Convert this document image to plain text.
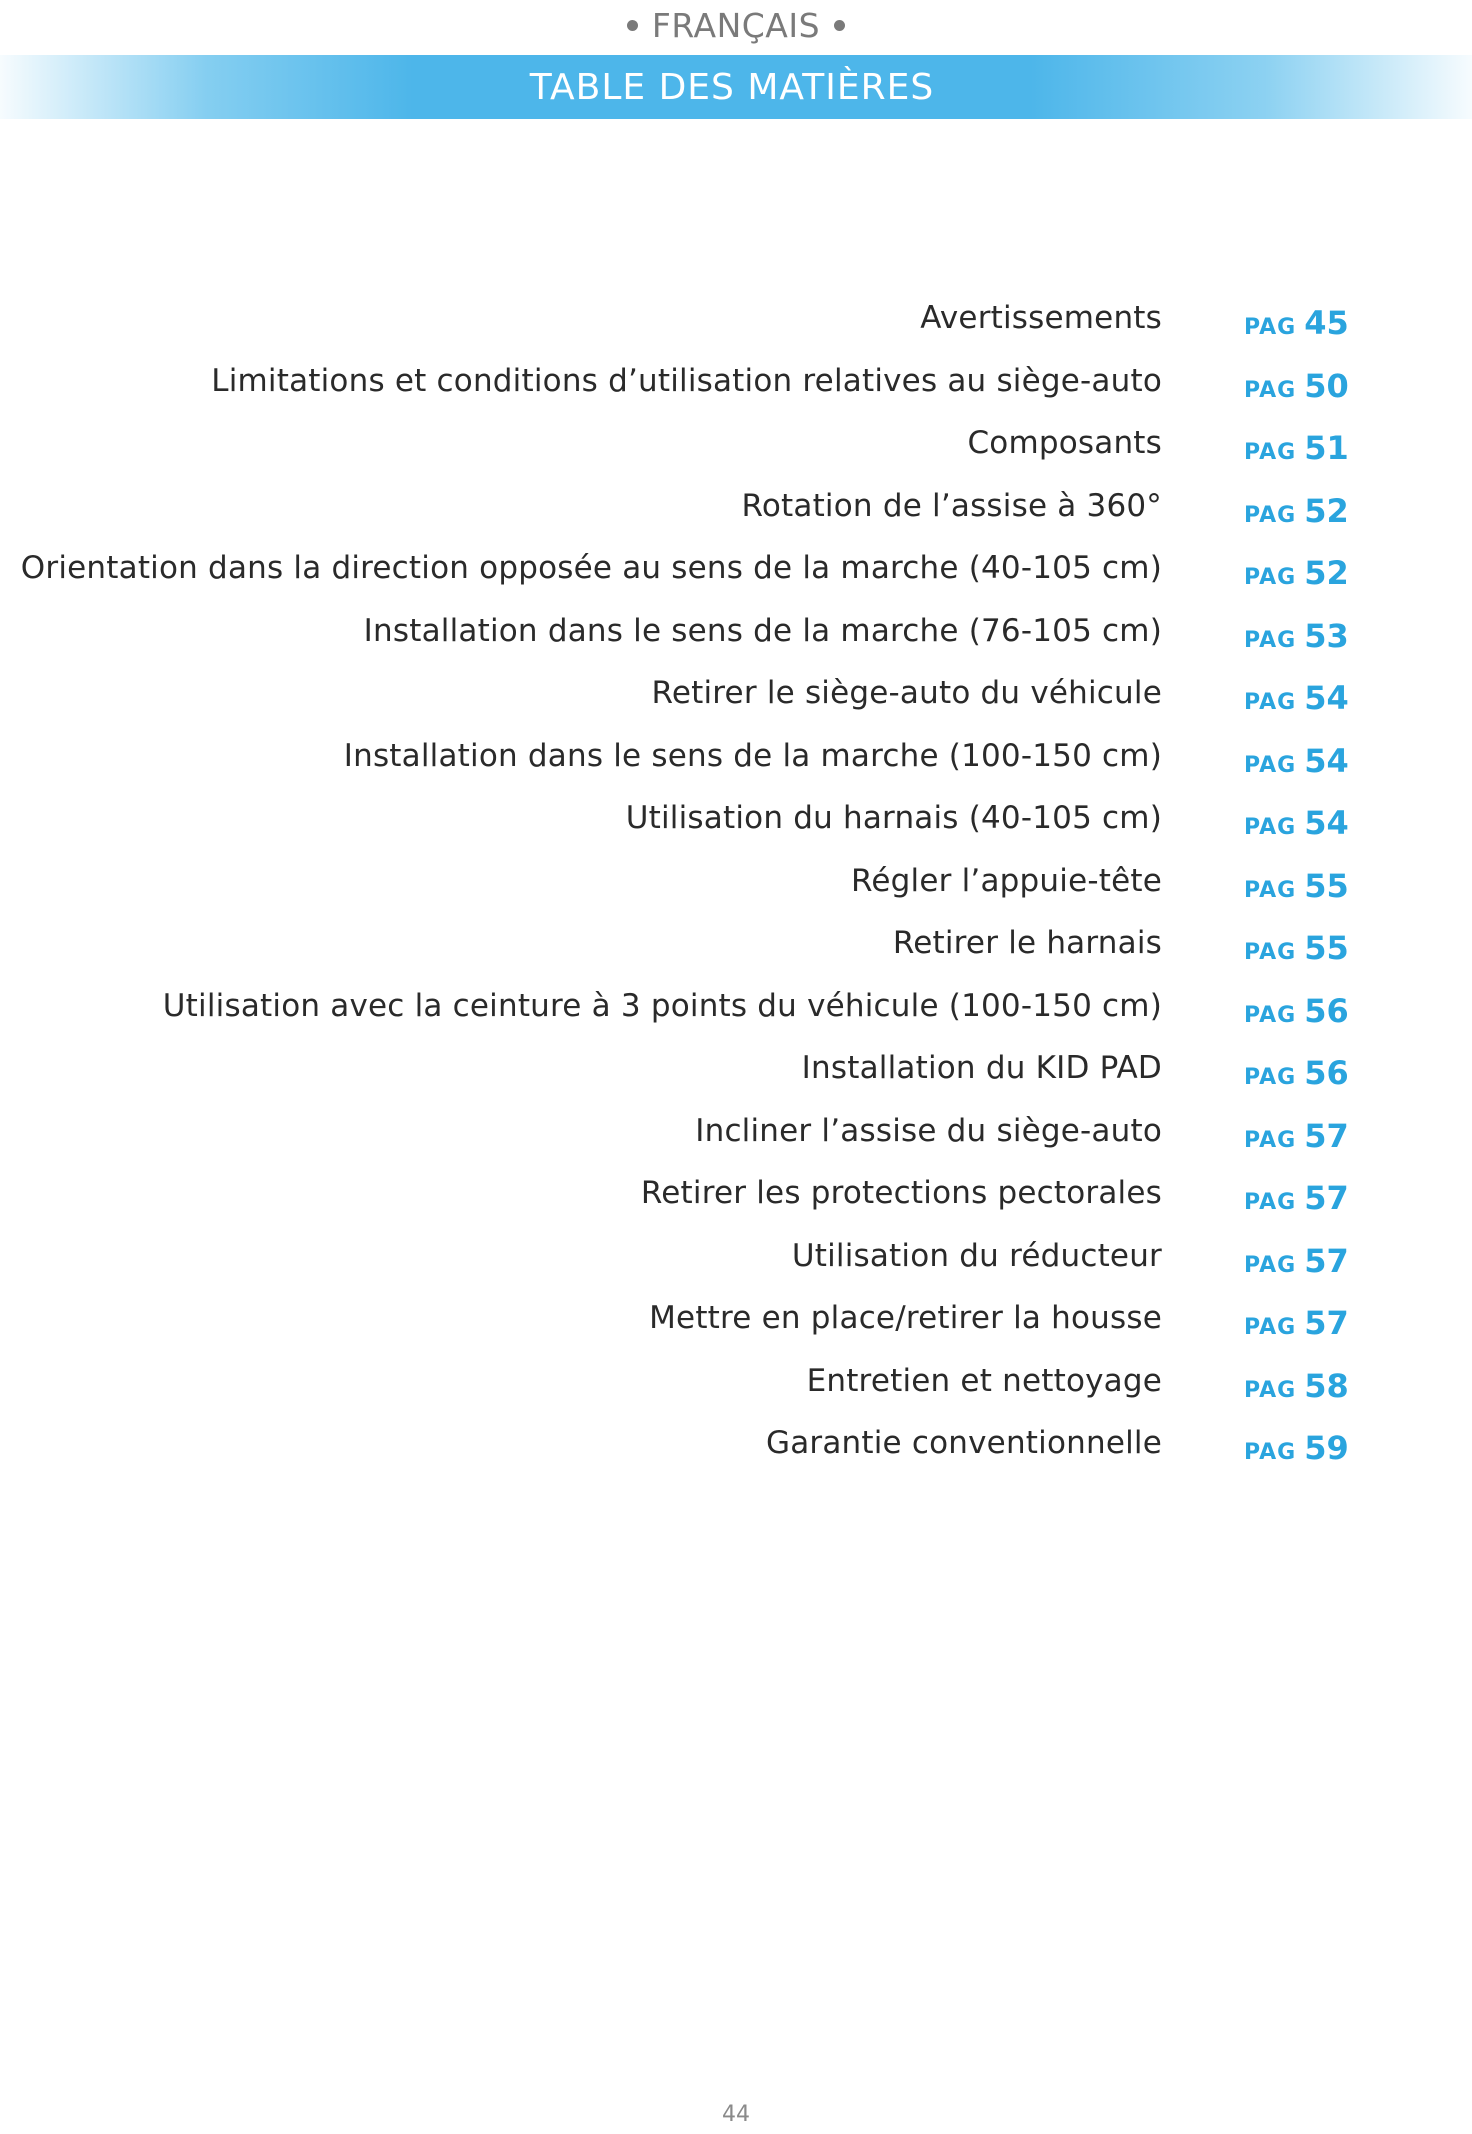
FRANÇAIS
TABLE DES MATIÈRES
Avertissements	PAG 45
Limitations et conditions d’utilisation relatives au siège-auto	PAG 50
Composants	PAG 51
Rotation de l’assise à 360°	PAG 52
Orientation dans la direction opposée au sens de la marche (40-105 cm)	PAG 52
Installation dans le sens de la marche (76-105 cm)	PAG 53
Retirer le siège-auto du véhicule	PAG 54
Installation dans le sens de la marche (100-150 cm)	PAG 54
Utilisation du harnais (40-105 cm)	PAG 54
Régler l’appuie-tête	PAG 55
Retirer le harnais	PAG 55
Utilisation avec la ceinture à 3 points du véhicule (100-150 cm)	PAG 56
Installation du KID PAD	PAG 56
Incliner l’assise du siège-auto	PAG 57
Retirer les protections pectorales	PAG 57
Utilisation du réducteur	PAG 57
Mettre en place/retirer la housse	PAG 57
Entretien et nettoyage	PAG 58
Garantie conventionnelle	PAG 59
44
